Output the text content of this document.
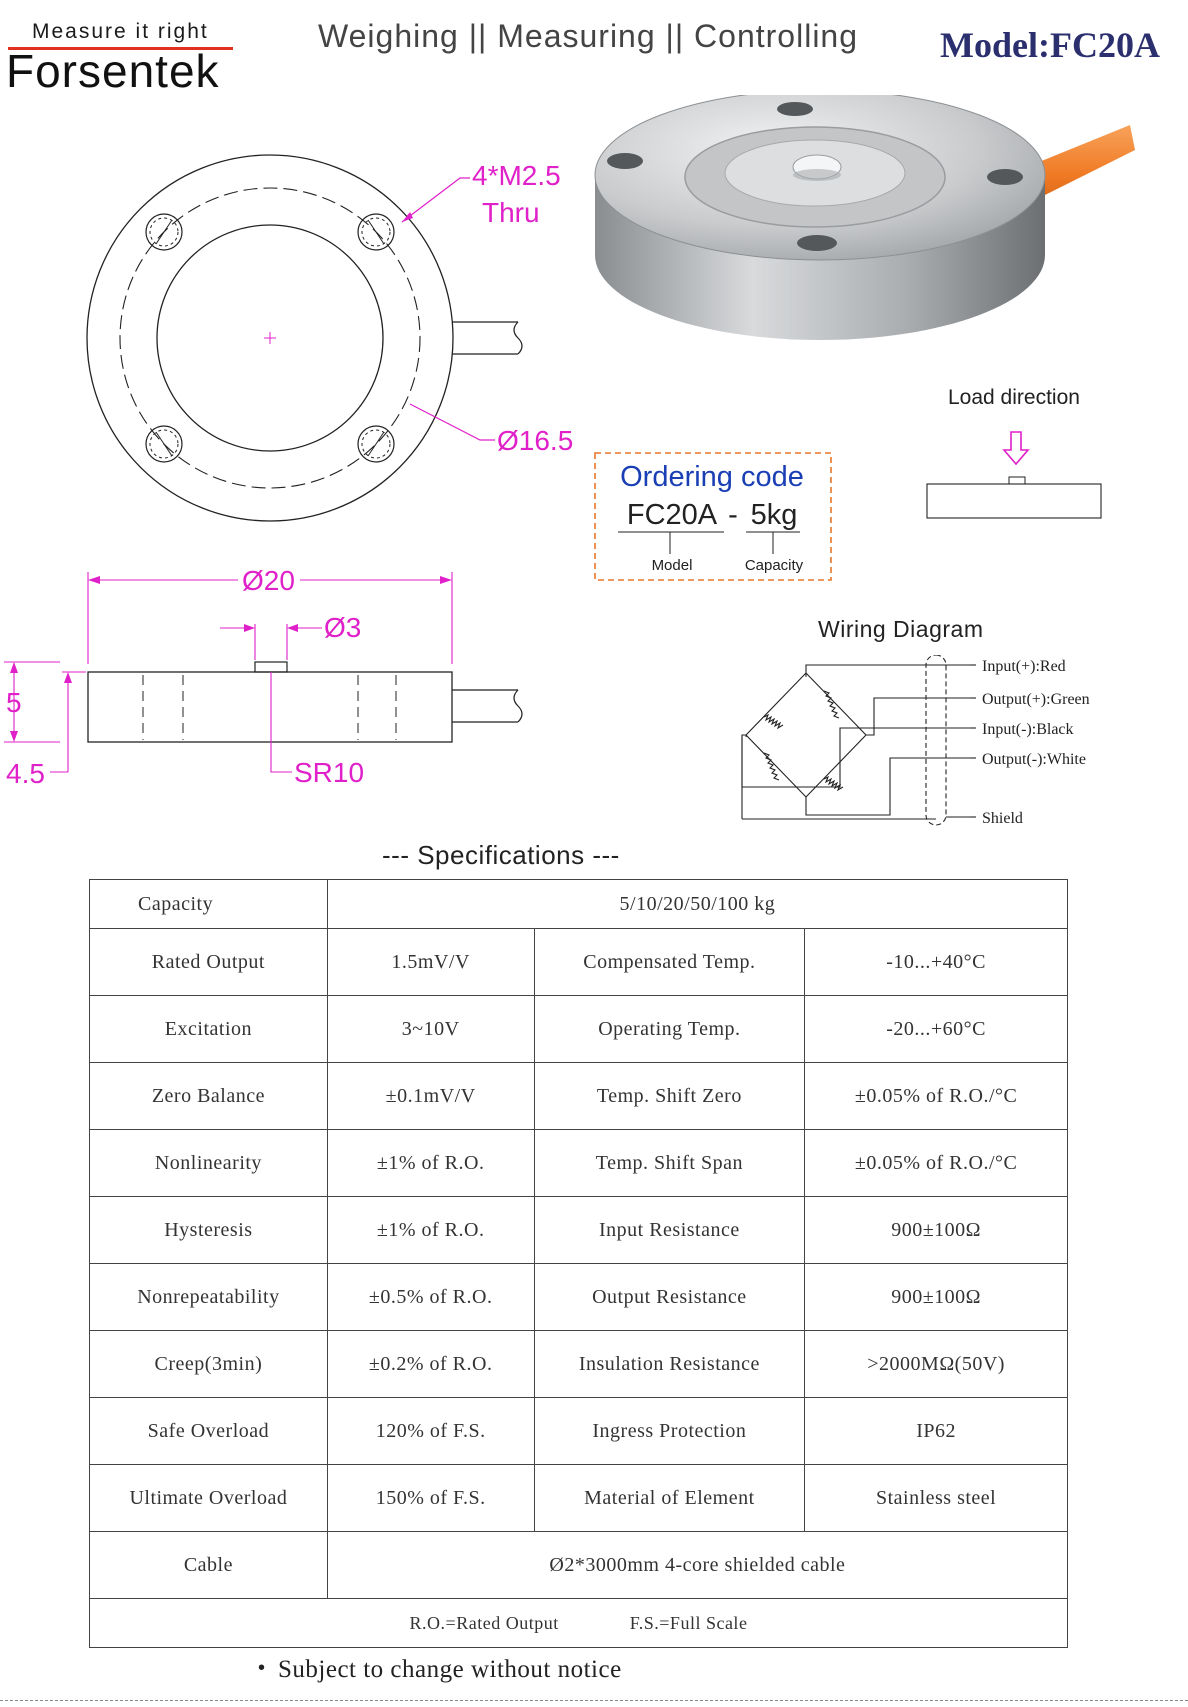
Measure it right
Forsentek
Weighing || Measuring || Controlling Model:FC20A
4*M2.5
Thru
Ø16.5
Ø20
Ø3
5
4.5	SR10
Load direction
Ordering code
FC20A - 5kg
Model	Capacity
Wiring Diagram
Input(+):Red
Output(+):Green
Input(-):Black
Output(-):White
Shield
--- Specifications ---
Capacity	5/10/20/50/100 kg		
Rated Output	1.5mV/V	Compensated Temp.	-10...+40°C
Excitation	3~10V	Operating Temp.	-20...+60°C
Zero Balance	±0.1mV/V	Temp. Shift Zero	±0.05% of R.O./°C
Nonlinearity	±1% of R.O.	Temp. Shift Span	±0.05% of R.O./°C
Hysteresis	±1% of R.O.	Input Resistance	900±100Ω
Nonrepeatability	±0.5% of R.O.	Output Resistance	900±100Ω
Creep(3min)	±0.2% of R.O.	Insulation Resistance	>2000MΩ(50V)
Safe Overload	120% of F.S.	Ingress Protection	IP62
Ultimate Overload	150% of F.S.	Material of Element	Stainless steel
Cable	Ø2*3000mm 4-core shielded cable		
R.O.=Rated Output F.S.=Full Scale			
• Subject to change without notice
